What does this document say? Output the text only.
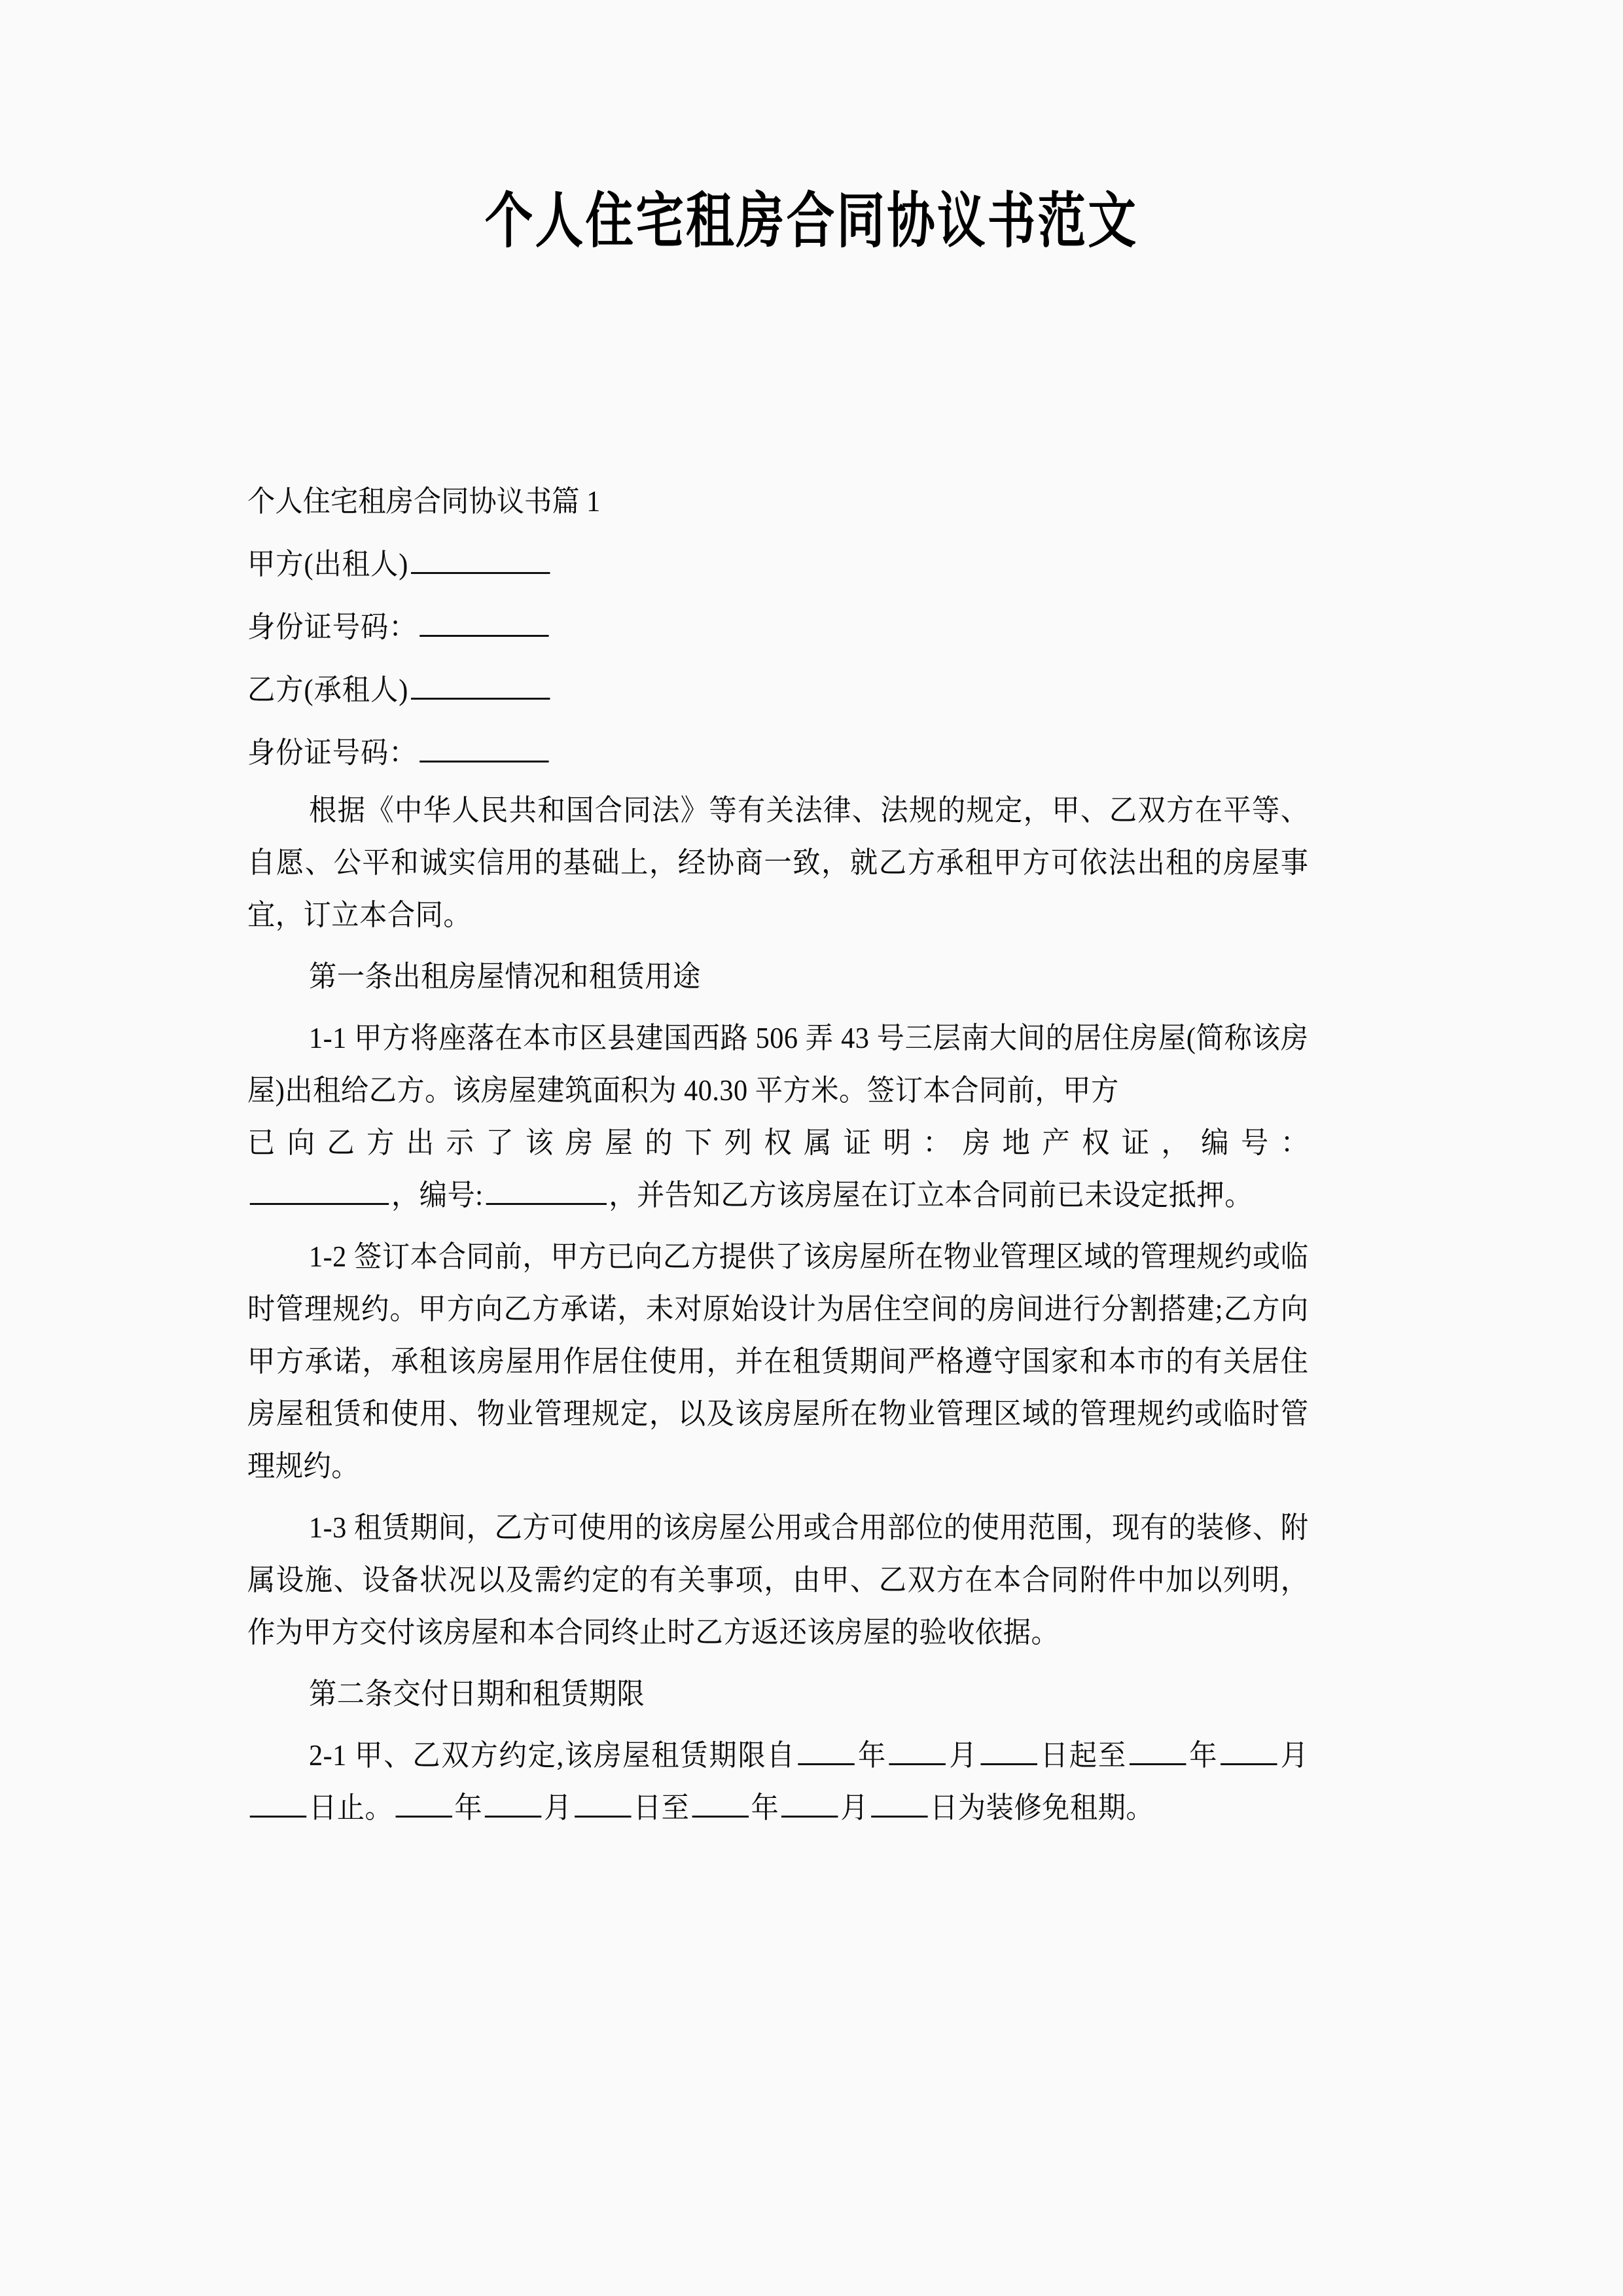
个人住宅租房合同协议书范文
个人住宅租房合同协议书篇 1
甲方(出租人)
身份证号码：
乙方(承租人)
身份证号码：

根据《中华人民共和国合同法》等有关法律、法规的规定，甲、乙双方在平等、自愿、公平和诚实信用的基础上，经协商一致，就乙方承租甲方可依法出租的房屋事宜，订立本合同。

第一条出租房屋情况和租赁用途

1-1 甲方将座落在本市区县建国西路 506 弄 43 号三层南大间的居住房屋(简称该房屋)出租给乙方。该房屋建筑面积为 40.30 平方米。签订本合同前，甲方

已向乙方出示了该房屋的下列权属证明：房地产权证，编号：

，编号:	，并告知乙方该房屋在订立本合同前已未设定抵押。

1-2 签订本合同前，甲方已向乙方提供了该房屋所在物业管理区域的管理规约或临时管理规约。甲方向乙方承诺，未对原始设计为居住空间的房间进行分割搭建;乙方向甲方承诺，承租该房屋用作居住使用，并在租赁期间严格遵守国家和本市的有关居住房屋租赁和使用、物业管理规定，以及该房屋所在物业管理区域的管理规约或临时管理规约。

1-3 租赁期间，乙方可使用的该房屋公用或合用部位的使用范围，现有的装修、附属设施、设备状况以及需约定的有关事项，由甲、乙双方在本合同附件中加以列明，作为甲方交付该房屋和本合同终止时乙方返还该房屋的验收依据。

第二条交付日期和租赁期限

2-1 甲、乙双方约定,该房屋租赁期限自 年 月 日起至 年 月日止。 年 月 日至 年 月 日为装修免租期。
